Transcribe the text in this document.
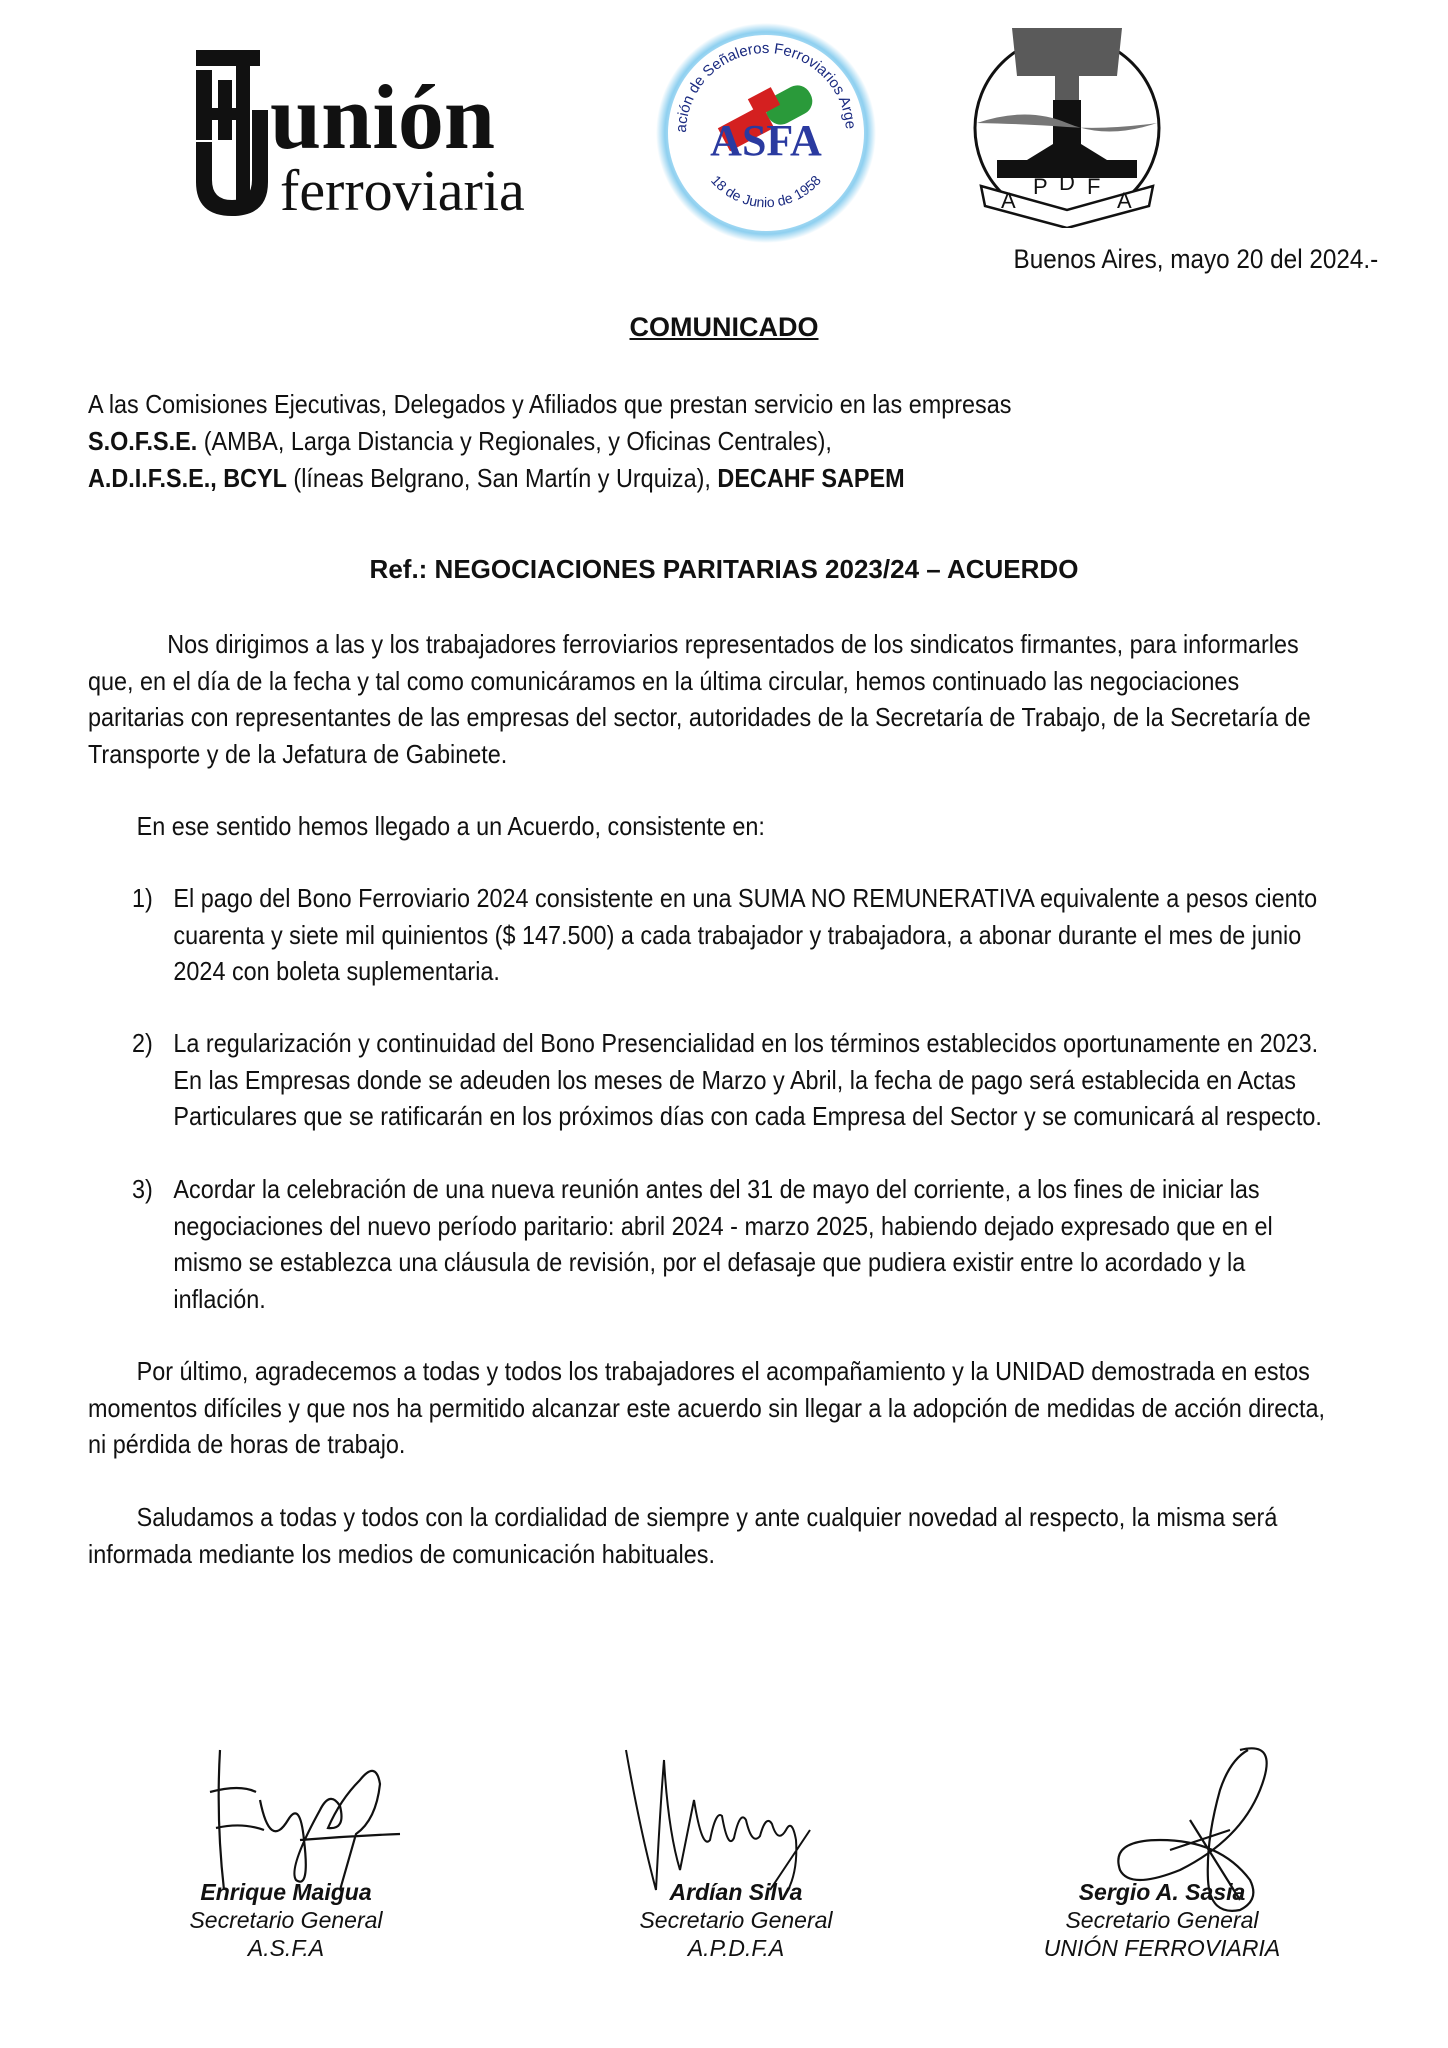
unión
ferroviaria
ación de Señaleros Ferroviarios Arge
18 de Junio de 1958
ASFA
A
P D F
A
Buenos Aires, mayo 20 del 2024.-
COMUNICADO
A las Comisiones Ejecutivas, Delegados y Afiliados que prestan servicio en las empresas
S.O.F.S.E. (AMBA, Larga Distancia y Regionales, y Oficinas Centrales),
A.D.I.F.S.E., BCYL (líneas Belgrano, San Martín y Urquiza), DECAHF SAPEM
Ref.: NEGOCIACIONES PARITARIAS 2023/24 – ACUERDO
Nos dirigimos a las y los trabajadores ferroviarios representados de los sindicatos firmantes, para informarles
que, en el día de la fecha y tal como comunicáramos en la última circular, hemos continuado las negociaciones
paritarias con representantes de las empresas del sector, autoridades de la Secretaría de Trabajo, de la Secretaría de
Transporte y de la Jefatura de Gabinete.
En ese sentido hemos llegado a un Acuerdo, consistente en:
1) El pago del Bono Ferroviario 2024 consistente en una SUMA NO REMUNERATIVA equivalente a pesos ciento
cuarenta y siete mil quinientos ($ 147.500) a cada trabajador y trabajadora, a abonar durante el mes de junio
2024 con boleta suplementaria.
2) La regularización y continuidad del Bono Presencialidad en los términos establecidos oportunamente en 2023.
En las Empresas donde se adeuden los meses de Marzo y Abril, la fecha de pago será establecida en Actas
Particulares que se ratificarán en los próximos días con cada Empresa del Sector y se comunicará al respecto.
3) Acordar la celebración de una nueva reunión antes del 31 de mayo del corriente, a los fines de iniciar las
negociaciones del nuevo período paritario: abril 2024 - marzo 2025, habiendo dejado expresado que en el
mismo se establezca una cláusula de revisión, por el defasaje que pudiera existir entre lo acordado y la
inflación.
Por último, agradecemos a todas y todos los trabajadores el acompañamiento y la UNIDAD demostrada en estos
momentos difíciles y que nos ha permitido alcanzar este acuerdo sin llegar a la adopción de medidas de acción directa,
ni pérdida de horas de trabajo.
Saludamos a todas y todos con la cordialidad de siempre y ante cualquier novedad al respecto, la misma será
informada mediante los medios de comunicación habituales.
Enrique Maigua
Secretario General
A.S.F.A
Ardían Silva
Secretario General
A.P.D.F.A
Sergio A. Sasia
Secretario General
UNIÓN FERROVIARIA
